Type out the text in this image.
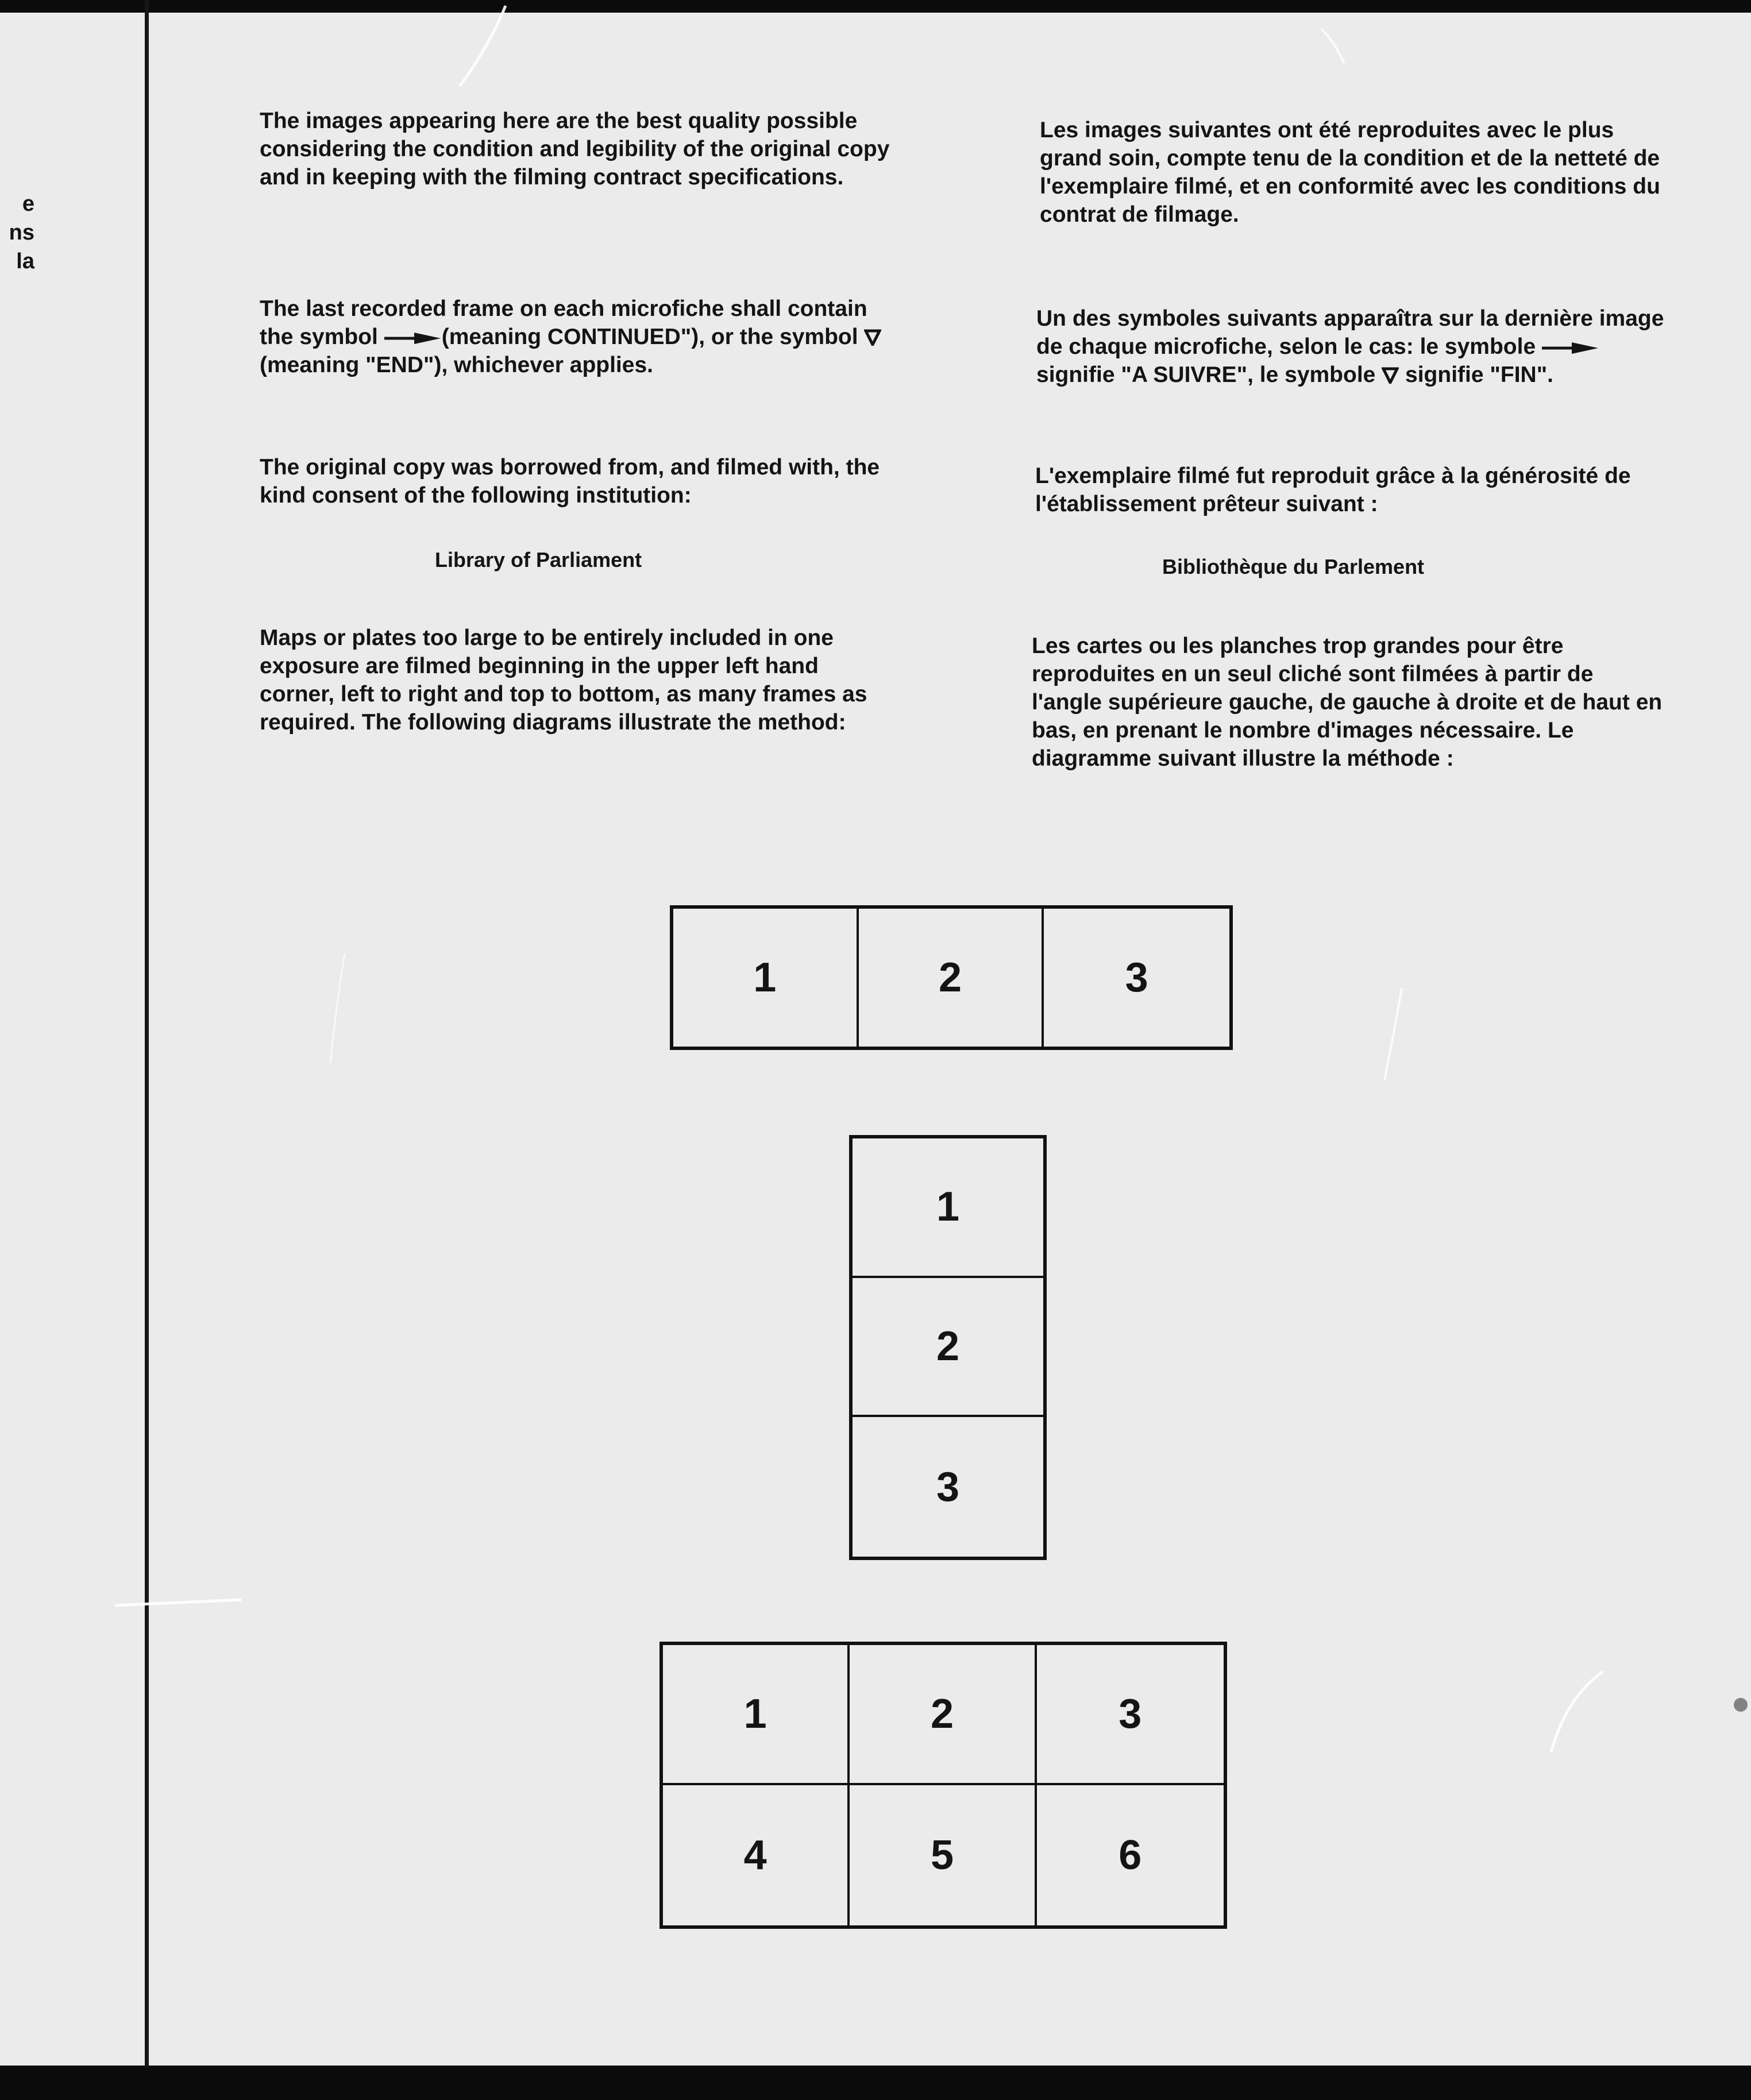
e
ns
la

The images appearing here are the best quality possible considering the condition and legibility of the original copy and in keeping with the filming contract specifications.

The last recorded frame on each microfiche shall contain the symbol	(meaning CONTINUED"), or the symbol  (meaning "END"), whichever applies.

The original copy was borrowed from, and filmed with, the kind consent of the following institution:

Library of Parliament

Maps or plates too large to be entirely included in one exposure are filmed beginning in the upper left hand corner, left to right and top to bottom, as many frames as required. The following diagrams illustrate the method:

Les images suivantes ont été reproduites avec le plus grand soin, compte tenu de la condition et de la netteté de l'exemplaire filmé, et en conformité avec les conditions du contrat de filmage.

Un des symboles suivants apparaîtra sur la dernière image de chaque microfiche, selon le cas: le symbole  signifie "A SUIVRE", le symbole  signifie "FIN".

L'exemplaire filmé fut reproduit grâce à la générosité de l'établissement prêteur suivant :

Bibliothèque du Parlement

Les cartes ou les planches trop grandes pour être reproduites en un seul cliché sont filmées à partir de l'angle supérieure gauche, de gauche à droite et de haut en bas, en prenant le nombre d'images nécessaire. Le diagramme suivant illustre la méthode :

1	2	3
1
2
3
1	2	3
4	5	6
